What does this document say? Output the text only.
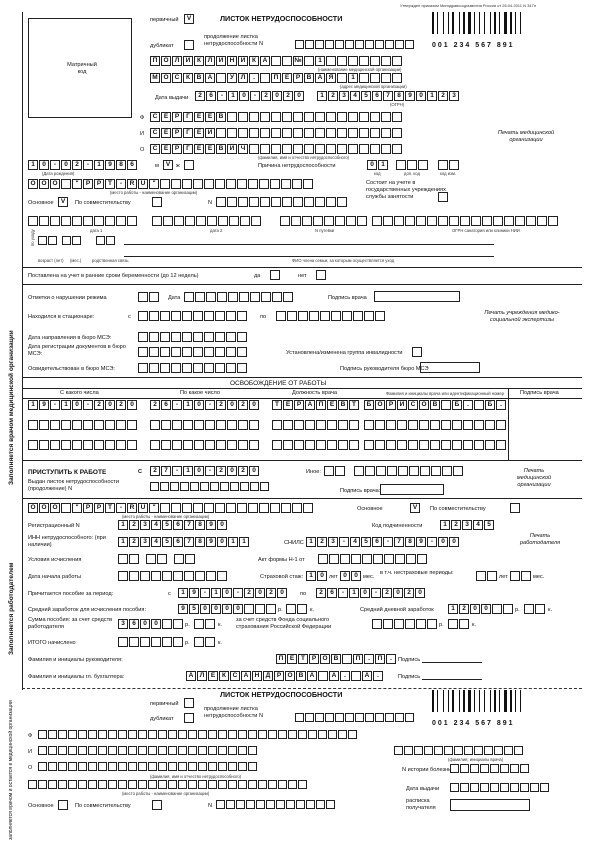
Заполняется врачом медицинской организации
Заполняется работодателем
заполняется врачом и остается в медицинской организации
Утвержден приказом Минздравсоцразвития России от 26.04.2011 N 347н
Матричный код
ЛИСТОК НЕТРУДОСПОСОБНОСТИ
001 234 567 891
первичный	V
дубликат
продолжение листка нетрудоспособности N
П О Л И	К	Л И Н И	К	А	№	1
(наименование медицинской организации)
М О С	К	В А	У	Л	.	П	Е	Р В А Я	1
(адрес медицинской организации)
Дата выдачи	2	6	-	1	0	-	2	0	2	0	1	2	3	4	5	6	7	8	9	0	1	2	3
(ОГРН)
Ф	С Е	Р	Г	Е	Е В
И	С Е	Р	Г	Е Й
О	С Е	Р	Г	Е	Е В И Ч
(фамилия, имя и отчество нетрудоспособного)
Печать медицинской организации
1	0	-	0	2	-	1	9	8	6
(Дата рождения)
м	V	ж	Причина нетрудоспособности	0	1
код	доп. код	код изм.
О О О	"	Р	Р	Т	-	R U	"
(место работы - наименование организации)
Состоит на учете в государственных учреждениях службы занятости
Основное	V	По совместительству	N
дата 1	дата 2	N путевки	ОГРН санатория или клиники НИИ
по уходу
возраст (лет) (мес.)	родственная связь	ФИО члена семьи, за которым осуществляется уход
Поставлена на учет в ранние сроки беременности (до 12 недель)	да	нет
Отметки о нарушении режима	Дата	Подпись врача
Находился в стационаре:	с	по
Печать учреждения медико-социальной экспертизы
Дата направления в бюро МСЭ:
Дата регистрации документов в бюро МСЭ:	Установлена/изменена группа инвалидности
Освидетельствован в бюро МСЭ:	Подпись руководителя бюро МСЭ
ОСВОБОЖДЕНИЕ ОТ РАБОТЫ
С какого числа	По какое число	Должность врача	Фамилия и инициалы врача или идентификационный номер	Подпись врача
1	9	-	1	0	-	2	0	2	0	2	6	-	1	0	-	2	0	2	0	Т	Е	Р А П	Е В	Т	Б О Р И С О В	Б	.	Б	.
ПРИСТУПИТЬ К РАБОТЕ	С	2	7	-	1	0	-	2	0	2	0	Иное:	Печать медицинской организации
Выдан листок нетрудоспособности (продолжение) N	Подпись врача:
О О О	"	Р	Р	Т	-	R U	"
(место работы - наименование организации)
Основное	V	По совместительству
Регистрационный N	1	2	3	4	5	6	7	8	9	0	Код подчиненности	1	2	3	4	5
Печать работодателя
ИНН нетрудоспособного: (при наличии)	1	2	3	4	5	6	7	8	9	0	1	1	СНИЛС 1	2	3	-	4	5	6	-	7	8	9	-	0	0
Условия исчисления	Акт формы Н-1 от
Дата начала работы	Страховой стаж: 1	0 лет 0	0 мес.
в т.ч. нестраховые периоды:
лет	мес.
Причитается пособие за период:	с	1	9	-	1	0	-	2	0	2	0	по	2	6	-	1	0	-	2	0	2	0
Средний заработок для исчисления пособия:	9	5	0	0	0	0	р.	к.	Средний дневной заработок	1	2	0	0	р.	к.
Сумма пособия: за счет средств работодателя	3	6	0	0	р.	к.
за счет средств Фонда социального страхования Российской Федерации	р.	к.
ИТОГО начислено	р.	к.
Фамилия и инициалы руководителя:	П	Е	Т	Р О В	П	.	П	.	Подпись
Фамилия и инициалы гл. бухгалтера:	А Л	Е	К	С А Н Д	Р О В А	А	.	А	.	Подпись
ЛИСТОК НЕТРУДОСПОСОБНОСТИ
001 234 567 891
первичный
дубликат
продолжение листка нетрудоспособности N
Ф
И
(фамилия, инициалы врача)
О	N истории болезни
(фамилия, имя и отчество нетрудоспособного)
(место работы - наименование организации)
Дата выдачи
Основное	По совместительству	N
расписка получателя
